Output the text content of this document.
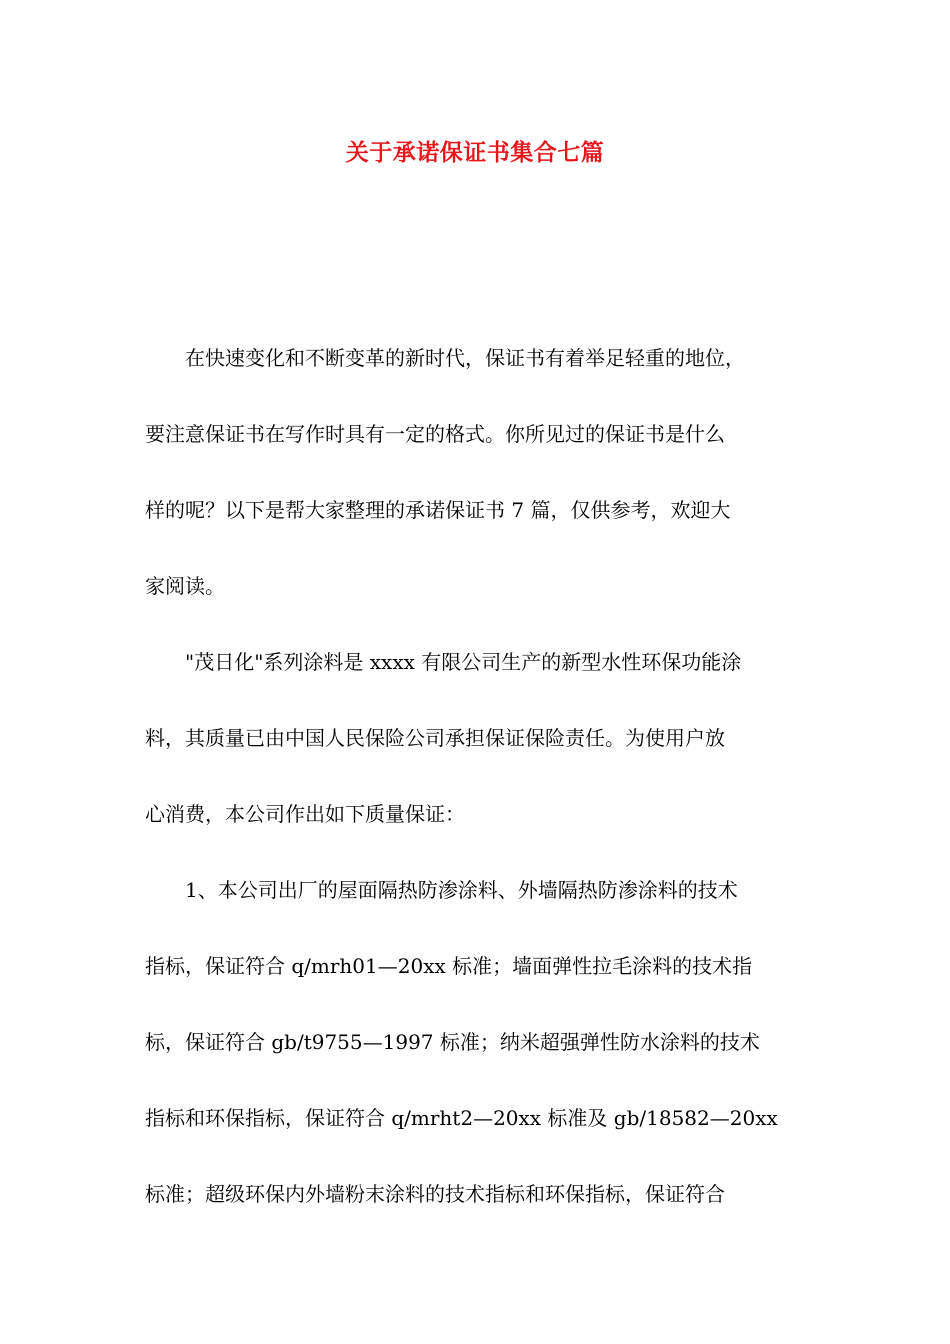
关于承诺保证书集合七篇
在快速变化和不断变革的新时代，保证书有着举足轻重的地位，
要注意保证书在写作时具有一定的格式。你所见过的保证书是什么
样的呢？以下是帮大家整理的承诺保证书 7 篇，仅供参考，欢迎大
家阅读。
"茂日化"系列涂料是 xxxx 有限公司生产的新型水性环保功能涂
料，其质量已由中国人民保险公司承担保证保险责任。为使用户放
心消费，本公司作出如下质量保证：
1、本公司出厂的屋面隔热防渗涂料、外墙隔热防渗涂料的技术
指标，保证符合 q/mrh01—20xx 标准；墙面弹性拉毛涂料的技术指
标，保证符合 gb/t9755—1997 标准；纳米超强弹性防水涂料的技术
指标和环保指标，保证符合 q/mrht2—20xx 标准及 gb/18582—20xx
标准；超级环保内外墙粉末涂料的技术指标和环保指标，保证符合
